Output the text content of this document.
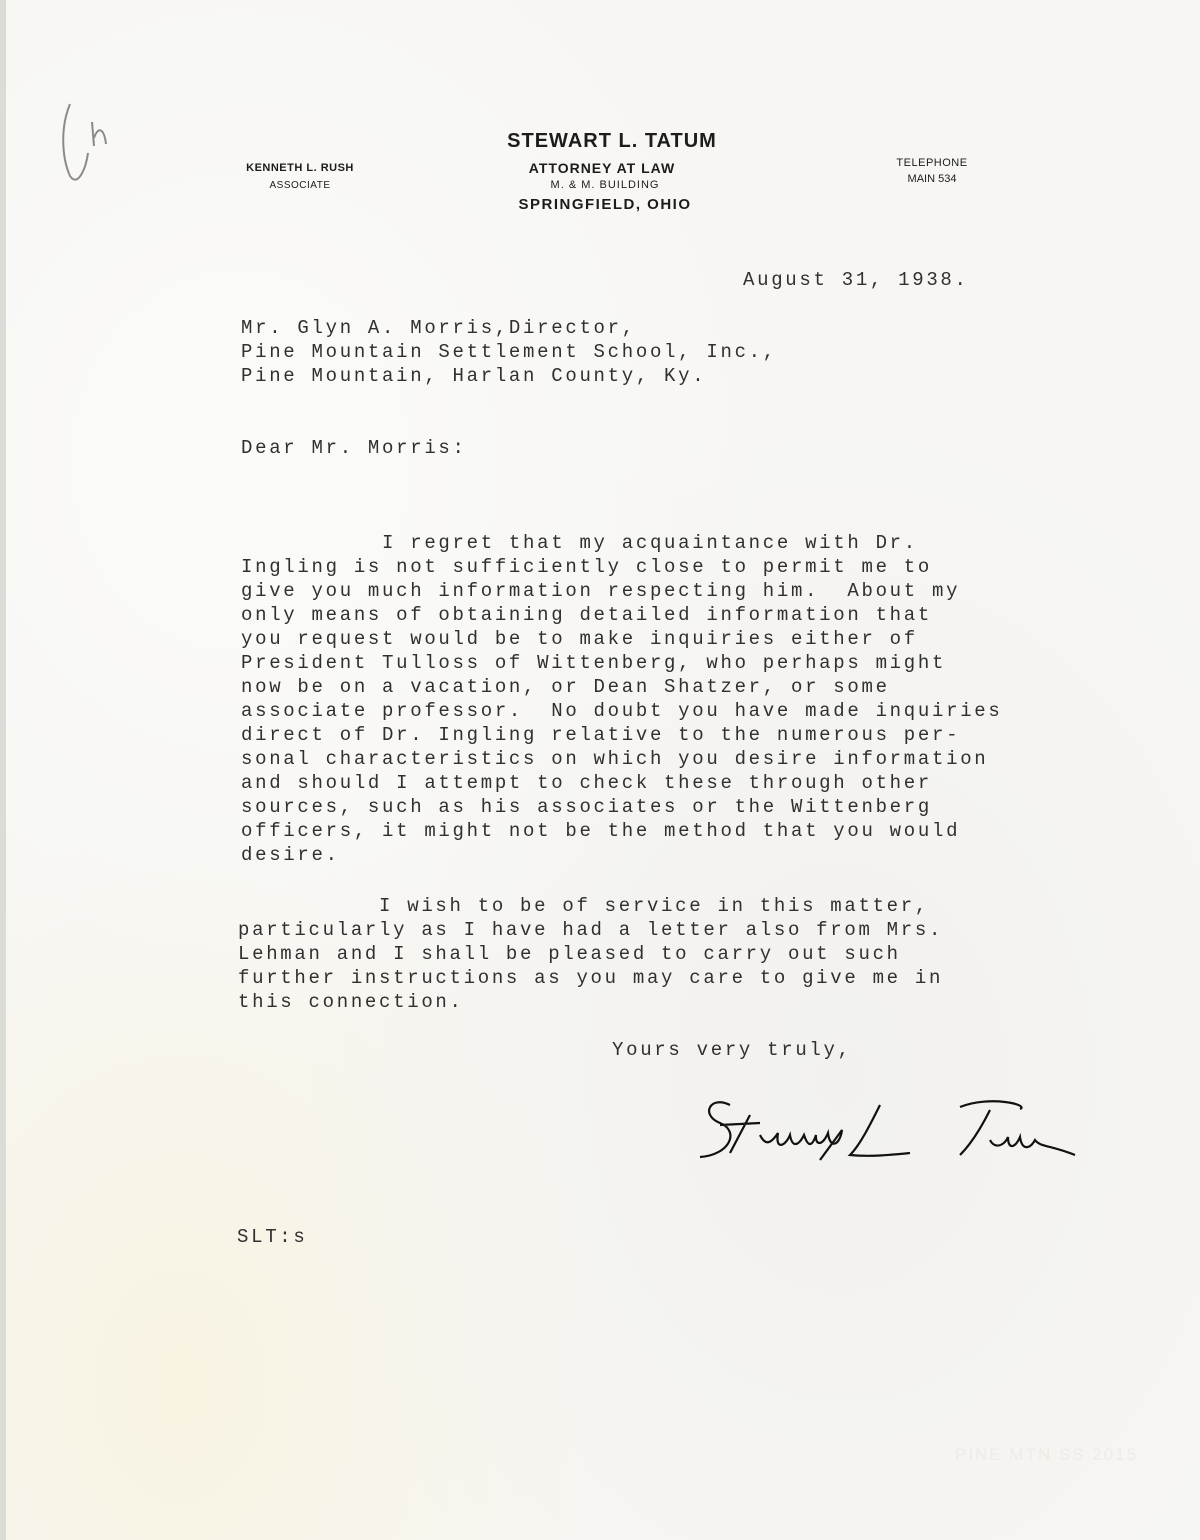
STEWART L. TATUM
ATTORNEY AT LAW
M. & M. BUILDING
SPRINGFIELD, OHIO
KENNETH L. RUSH
ASSOCIATE
TELEPHONE
MAIN 534
August 31, 1938.
Mr. Glyn A. Morris,Director,
Pine Mountain Settlement School, Inc.,
Pine Mountain, Harlan County, Ky.
Dear Mr. Morris:

I regret that my acquaintance with Dr.
Ingling is not sufficiently close to permit me to
give you much information respecting him.  About my
only means of obtaining detailed information that
you request would be to make inquiries either of
President Tulloss of Wittenberg, who perhaps might
now be on a vacation, or Dean Shatzer, or some
associate professor.  No doubt you have made inquiries
direct of Dr. Ingling relative to the numerous per-
sonal characteristics on which you desire information
and should I attempt to check these through other
sources, such as his associates or the Wittenberg
officers, it might not be the method that you would
desire.

I wish to be of service in this matter,
particularly as I have had a letter also from Mrs.
Lehman and I shall be pleased to carry out such
further instructions as you may care to give me in
this connection.

Yours very truly,
SLT:s
PINE MTN SS 2015
